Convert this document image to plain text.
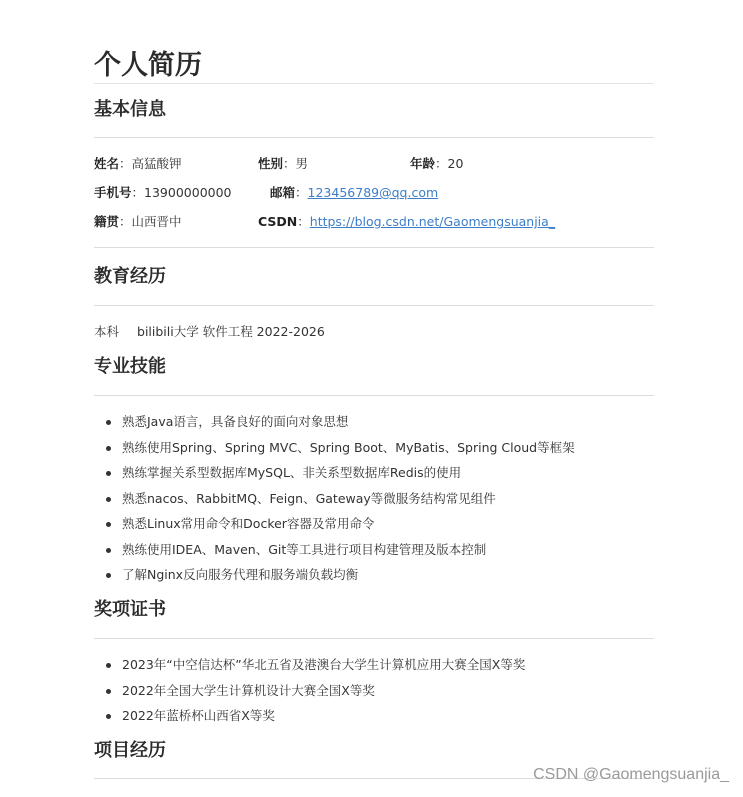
个人简历
基本信息
姓名：高猛酸钾	性别：男	年龄：20
手机号：13900000000	邮箱：123456789@qq.com
籍贯：山西晋中	CSDN：https://blog.csdn.net/Gaomengsuanjia_
教育经历
本科 bilibili大学 软件工程 2022-2026
专业技能
熟悉Java语言，具备良好的面向对象思想
熟练使用Spring、Spring MVC、Spring Boot、MyBatis、Spring Cloud等框架
熟练掌握关系型数据库MySQL、非关系型数据库Redis的使用
熟悉nacos、RabbitMQ、Feign、Gateway等微服务结构常见组件
熟悉Linux常用命令和Docker容器及常用命令
熟练使用IDEA、Maven、Git等工具进行项目构建管理及版本控制
了解Nginx反向服务代理和服务端负载均衡
奖项证书
2023年“中空信达杯”华北五省及港澳台大学生计算机应用大赛全国X等奖
2022年全国大学生计算机设计大赛全国X等奖
2022年蓝桥杯山西省X等奖
项目经历
CSDN @Gaomengsuanjia_
